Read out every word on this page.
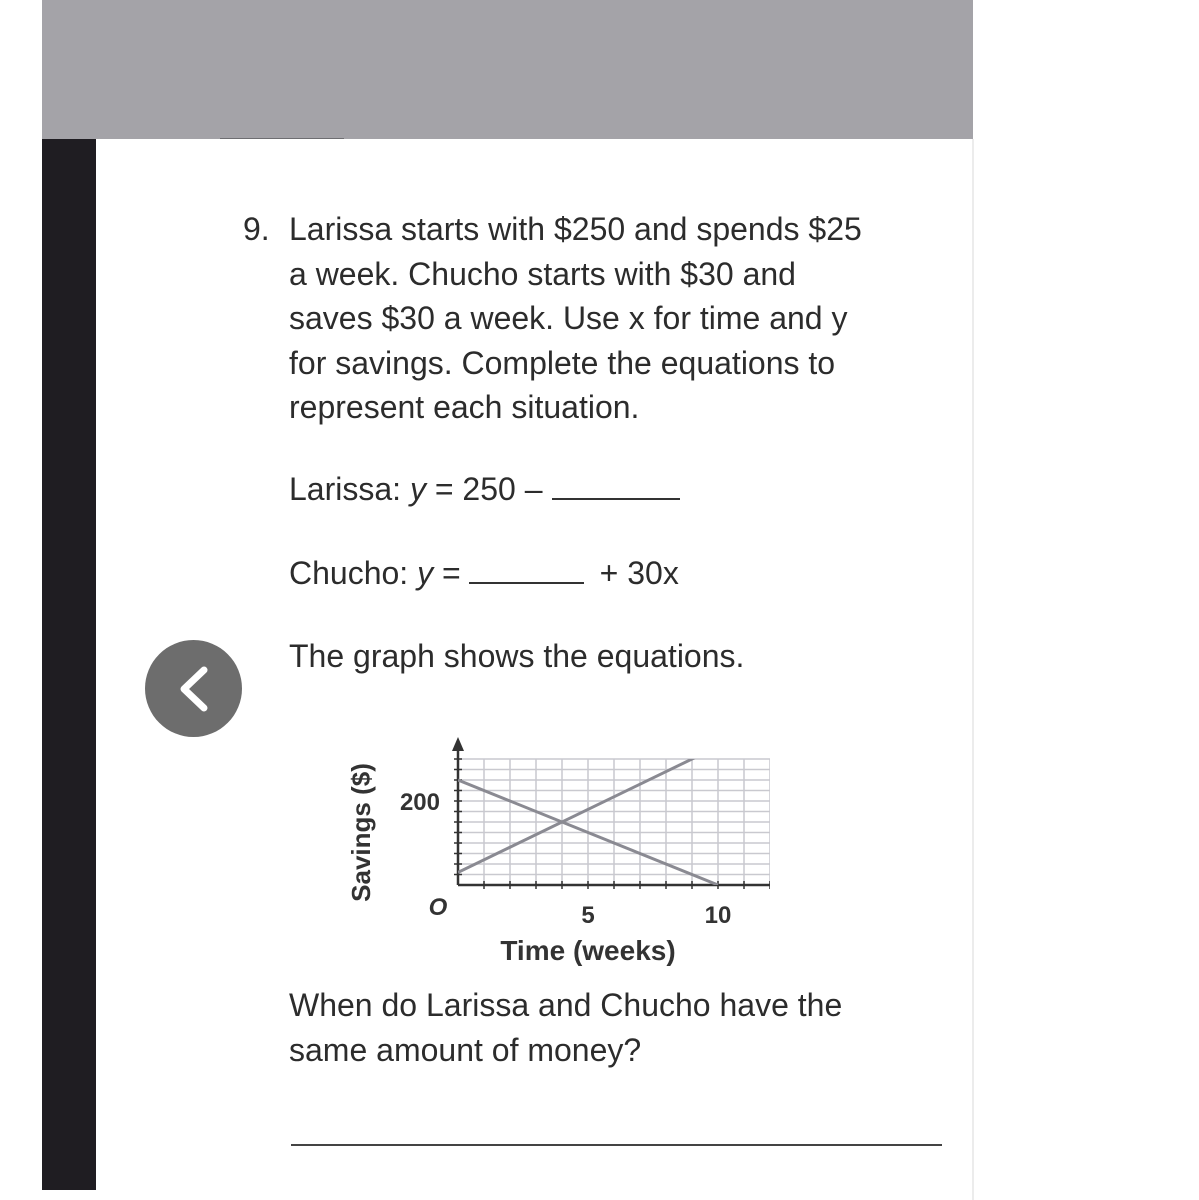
9. Larissa starts with $250 and spends $25
a week. Chucho starts with $30 and
saves $30 a week. Use x for time and y
for savings. Complete the equations to
represent each situation.
Larissa: y = 250 –
Chucho: y =	+ 30x
The graph shows the equations.
5	10
200
O
Time (weeks)
Savings ($)
When do Larissa and Chucho have the same amount of money?
